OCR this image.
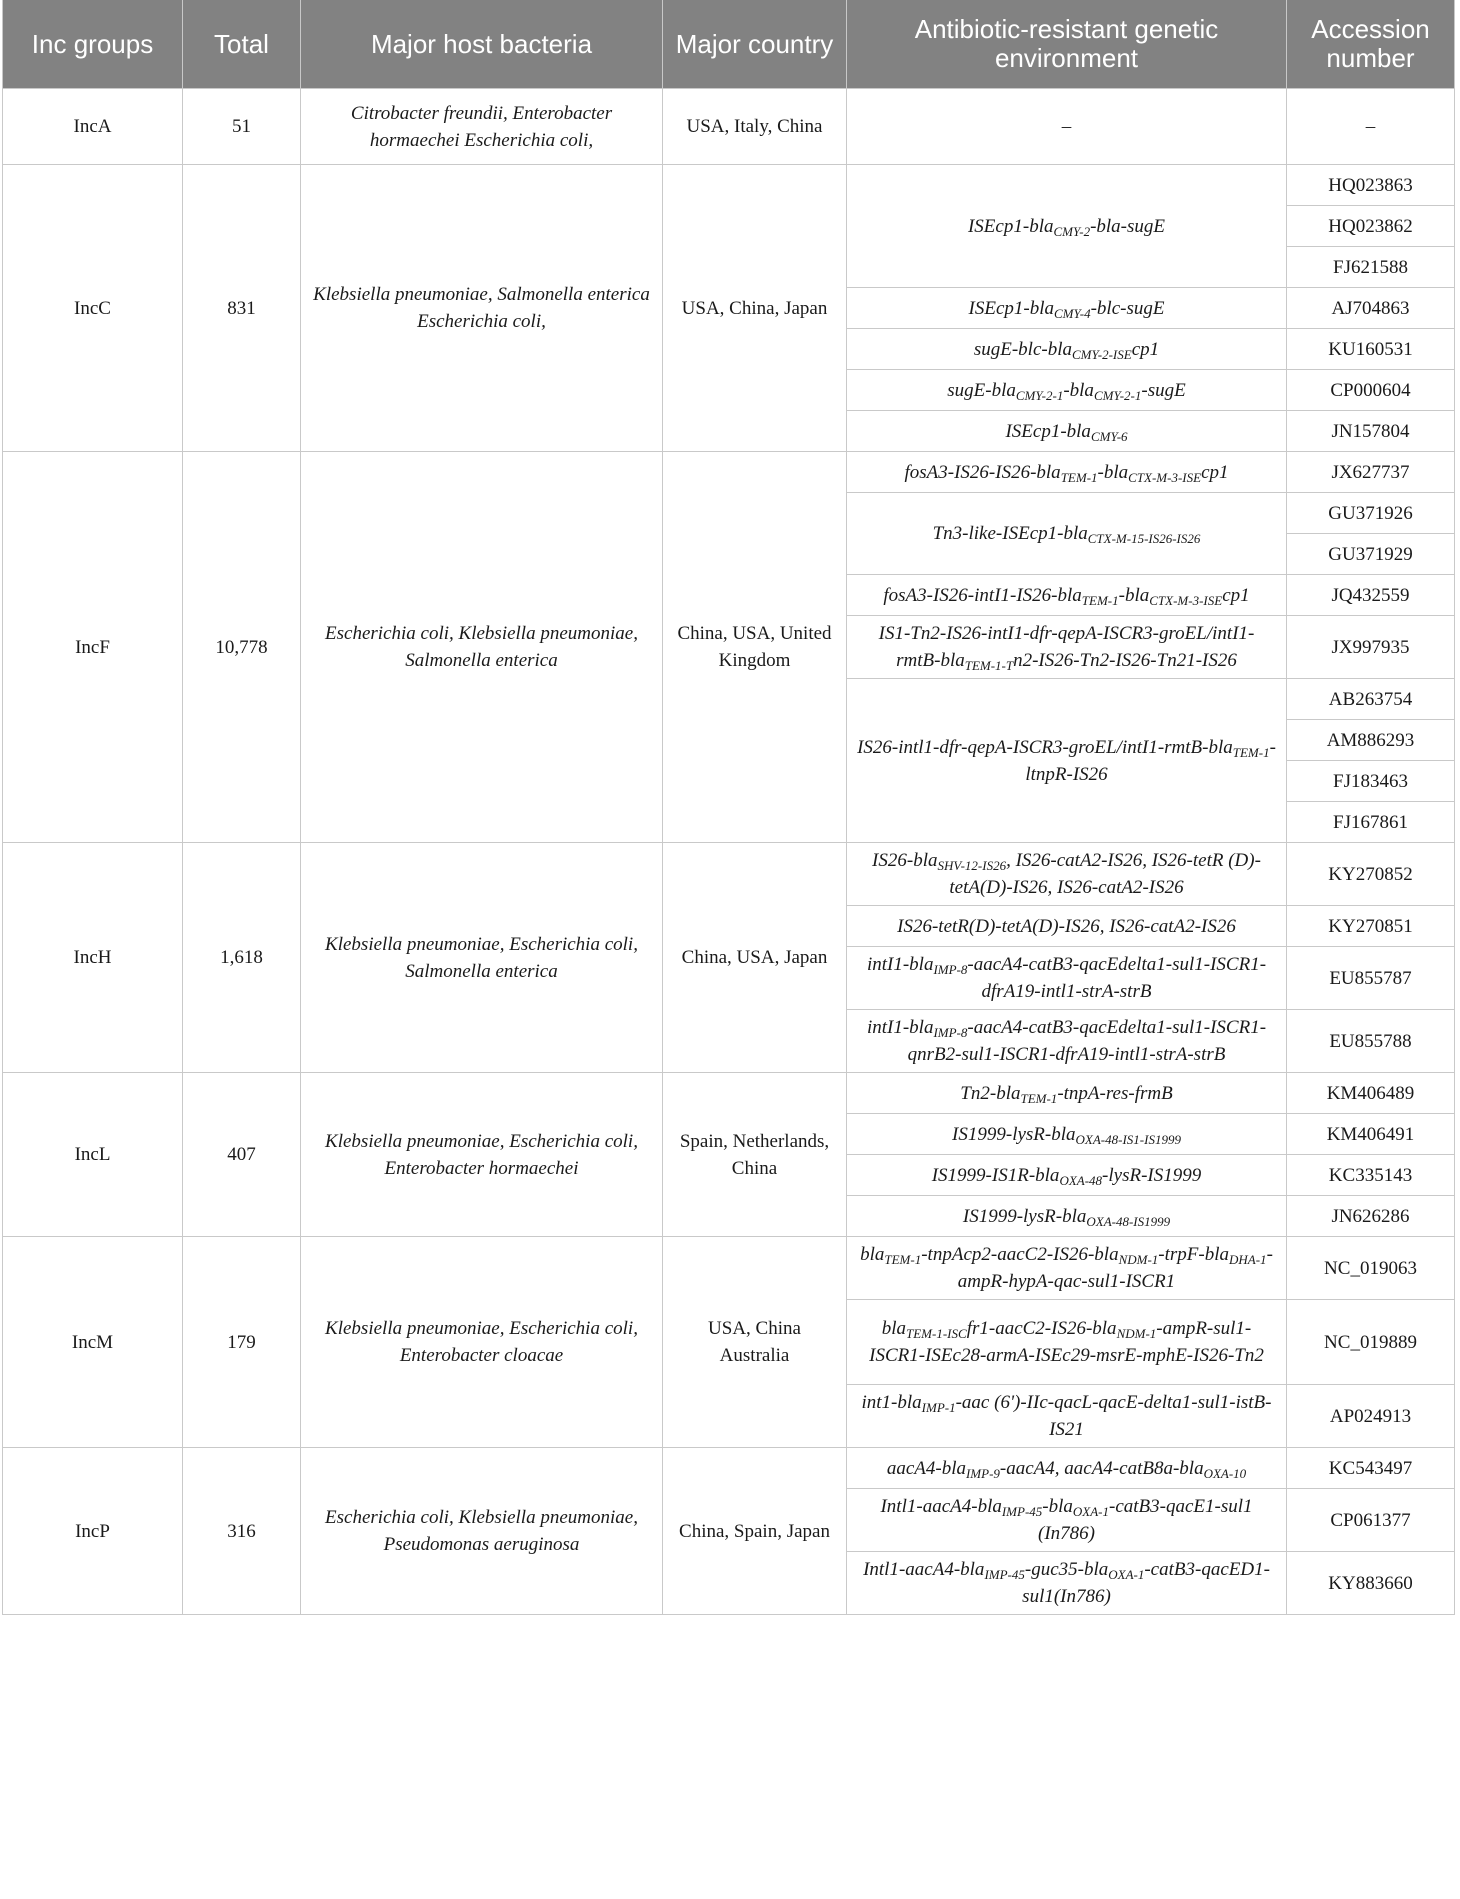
Inc groups	Total	Major host bacteria	Major country	Antibiotic-resistant genetic environment	Accession number
IncA	51	Citrobacter freundii, Enterobacter hormaechei Escherichia coli,	USA, Italy, China	–	–
IncC	831	Klebsiella pneumoniae, Salmonella enterica Escherichia coli,	USA, China, Japan	ISEcp1-bla$_{CMY-2}$-bla-sugE	HQ023863
					HQ023862
					FJ621588
				ISEcp1-bla$_{CMY-4}$-blc-sugE	AJ704863
				sugE-blc-bla$_{CMY-2-ISE}$cp1	KU160531
				sugE-bla$_{CMY-2-1}$-bla$_{CMY-2-1}$-sugE	CP000604
				ISEcp1-bla$_{CMY-6}$	JN157804
IncF	10,778	Escherichia coli, Klebsiella pneumoniae, Salmonella enterica	China, USA, United Kingdom	fosA3-IS26-IS26-bla$_{TEM-1}$-bla$_{CTX-M-3-ISE}$cp1	JX627737
				Tn3-like-ISEcp1-bla$_{CTX-M-15-IS26-IS26}$	GU371926
					GU371929
				fosA3-IS26-intI1-IS26-bla$_{TEM-1}$-bla$_{CTX-M-3-ISE}$cp1	JQ432559
				IS1-Tn2-IS26-intI1-dfr-qepA-ISCR3-groEL/intI1-rmtB-bla$_{TEM-1-T}$n2-IS26-Tn2-IS26-Tn21-IS26	JX997935
				IS26-intl1-dfr-qepA-ISCR3-groEL/intI1-rmtB-bla$_{TEM-1}$-ltnpR-IS26	AB263754
					AM886293
					FJ183463
					FJ167861
IncH	1,618	Klebsiella pneumoniae, Escherichia coli, Salmonella enterica	China, USA, Japan	IS26-bla$_{SHV-12-IS26}$, IS26-catA2-IS26, IS26-tetR (D)-tetA(D)-IS26, IS26-catA2-IS26	KY270852
				IS26-tetR(D)-tetA(D)-IS26, IS26-catA2-IS26	KY270851
				intI1-bla$_{IMP-8}$-aacA4-catB3-qacEdelta1-sul1-ISCR1-dfrA19-intl1-strA-strB	EU855787
				intI1-bla$_{IMP-8}$-aacA4-catB3-qacEdelta1-sul1-ISCR1-qnrB2-sul1-ISCR1-dfrA19-intl1-strA-strB	EU855788
IncL	407	Klebsiella pneumoniae, Escherichia coli, Enterobacter hormaechei	Spain, Netherlands, China	Tn2-bla$_{TEM-1}$-tnpA-res-frmB	KM406489
				IS1999-lysR-bla$_{OXA-48-IS1-IS1999}$	KM406491
				IS1999-IS1R-bla$_{OXA-48}$-lysR-IS1999	KC335143
				IS1999-lysR-bla$_{OXA-48-IS1999}$	JN626286
IncM	179	Klebsiella pneumoniae, Escherichia coli, Enterobacter cloacae	USA, China Australia	bla$_{TEM-1}$-tnpAcp2-aacC2-IS26-bla$_{NDM-1}$-trpF-bla$_{DHA-1}$-ampR-hypA-qac-sul1-ISCR1	NC_019063
				bla$_{TEM-1-ISC}$fr1-aacC2-IS26-bla$_{NDM-1}$-ampR-sul1-ISCR1-ISEc28-armA-ISEc29-msrE-mphE-IS26-Tn2	NC_019889
				int1-bla$_{IMP-1}$-aac (6')-IIc-qacL-qacE-delta1-sul1-istB-IS21	AP024913
IncP	316	Escherichia coli, Klebsiella pneumoniae, Pseudomonas aeruginosa	China, Spain, Japan	aacA4-bla$_{IMP-9}$-aacA4, aacA4-catB8a-bla$_{OXA-10}$	KC543497
				Intl1-aacA4-bla$_{IMP-45}$-bla$_{OXA-1}$-catB3-qacE1-sul1 (In786)	CP061377
				Intl1-aacA4-bla$_{IMP-45}$-guc35-bla$_{OXA-1}$-catB3-qacED1-sul1(In786)	KY883660
